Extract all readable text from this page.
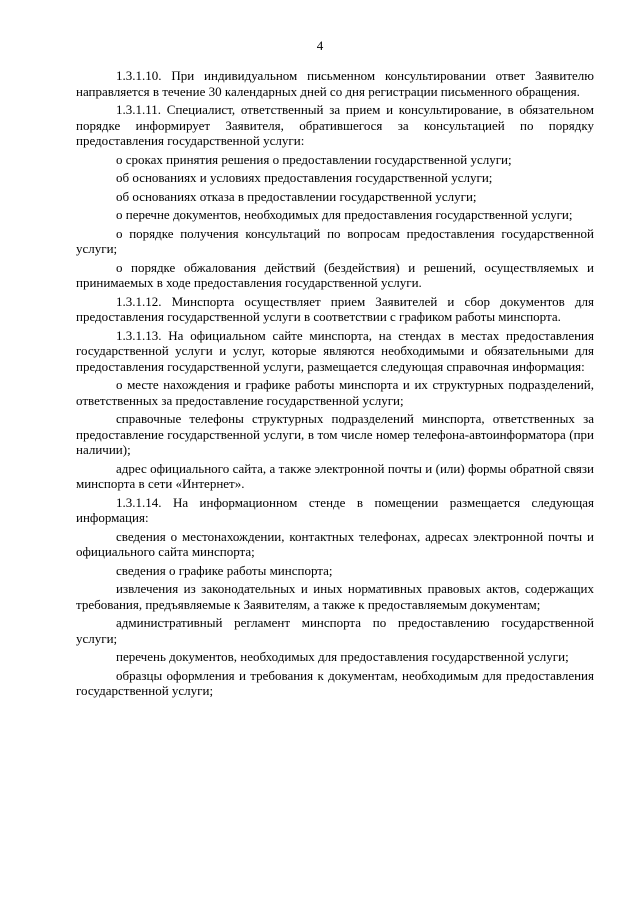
4

1.3.1.10. При индивидуальном письменном консультировании ответ Заявителю направляется в течение 30 календарных дней со дня регистрации письменного обращения.

1.3.1.11. Специалист, ответственный за прием и консультирование, в обязательном порядке информирует Заявителя, обратившегося за консультацией по порядку предоставления государственной услуги:

о сроках принятия решения о предоставлении государственной услуги;

об основаниях и условиях предоставления государственной услуги;

об основаниях отказа в предоставлении государственной услуги;

о перечне документов, необходимых для предоставления государственной услуги;

о порядке получения консультаций по вопросам предоставления государственной услуги;

о порядке обжалования действий (бездействия) и решений, осуществляемых и принимаемых в ходе предоставления государственной услуги.

1.3.1.12. Минспорта осуществляет прием Заявителей и сбор документов для предоставления государственной услуги в соответствии с графиком работы минспорта.

1.3.1.13. На официальном сайте минспорта, на стендах в местах предоставления государственной услуги и услуг, которые являются необходимыми и обязательными для предоставления государственной услуги, размещается следующая справочная информация:

о месте нахождения и графике работы минспорта и их структурных подразделений, ответственных за предоставление государственной услуги;

справочные телефоны структурных подразделений минспорта, ответственных за предоставление государственной услуги, в том числе номер телефона-автоинформатора (при наличии);

адрес официального сайта, а также электронной почты и (или) формы обратной связи минспорта в сети «Интернет».

1.3.1.14. На информационном стенде в помещении размещается следующая информация:

сведения о местонахождении, контактных телефонах, адресах электронной почты и официального сайта минспорта;

сведения о графике работы минспорта;

извлечения из законодательных и иных нормативных правовых актов, содержащих требования, предъявляемые к Заявителям, а также к предоставляемым документам;

административный регламент минспорта по предоставлению государственной услуги;

перечень документов, необходимых для предоставления государственной услуги;

образцы оформления и требования к документам, необходимым для предоставления государственной услуги;
